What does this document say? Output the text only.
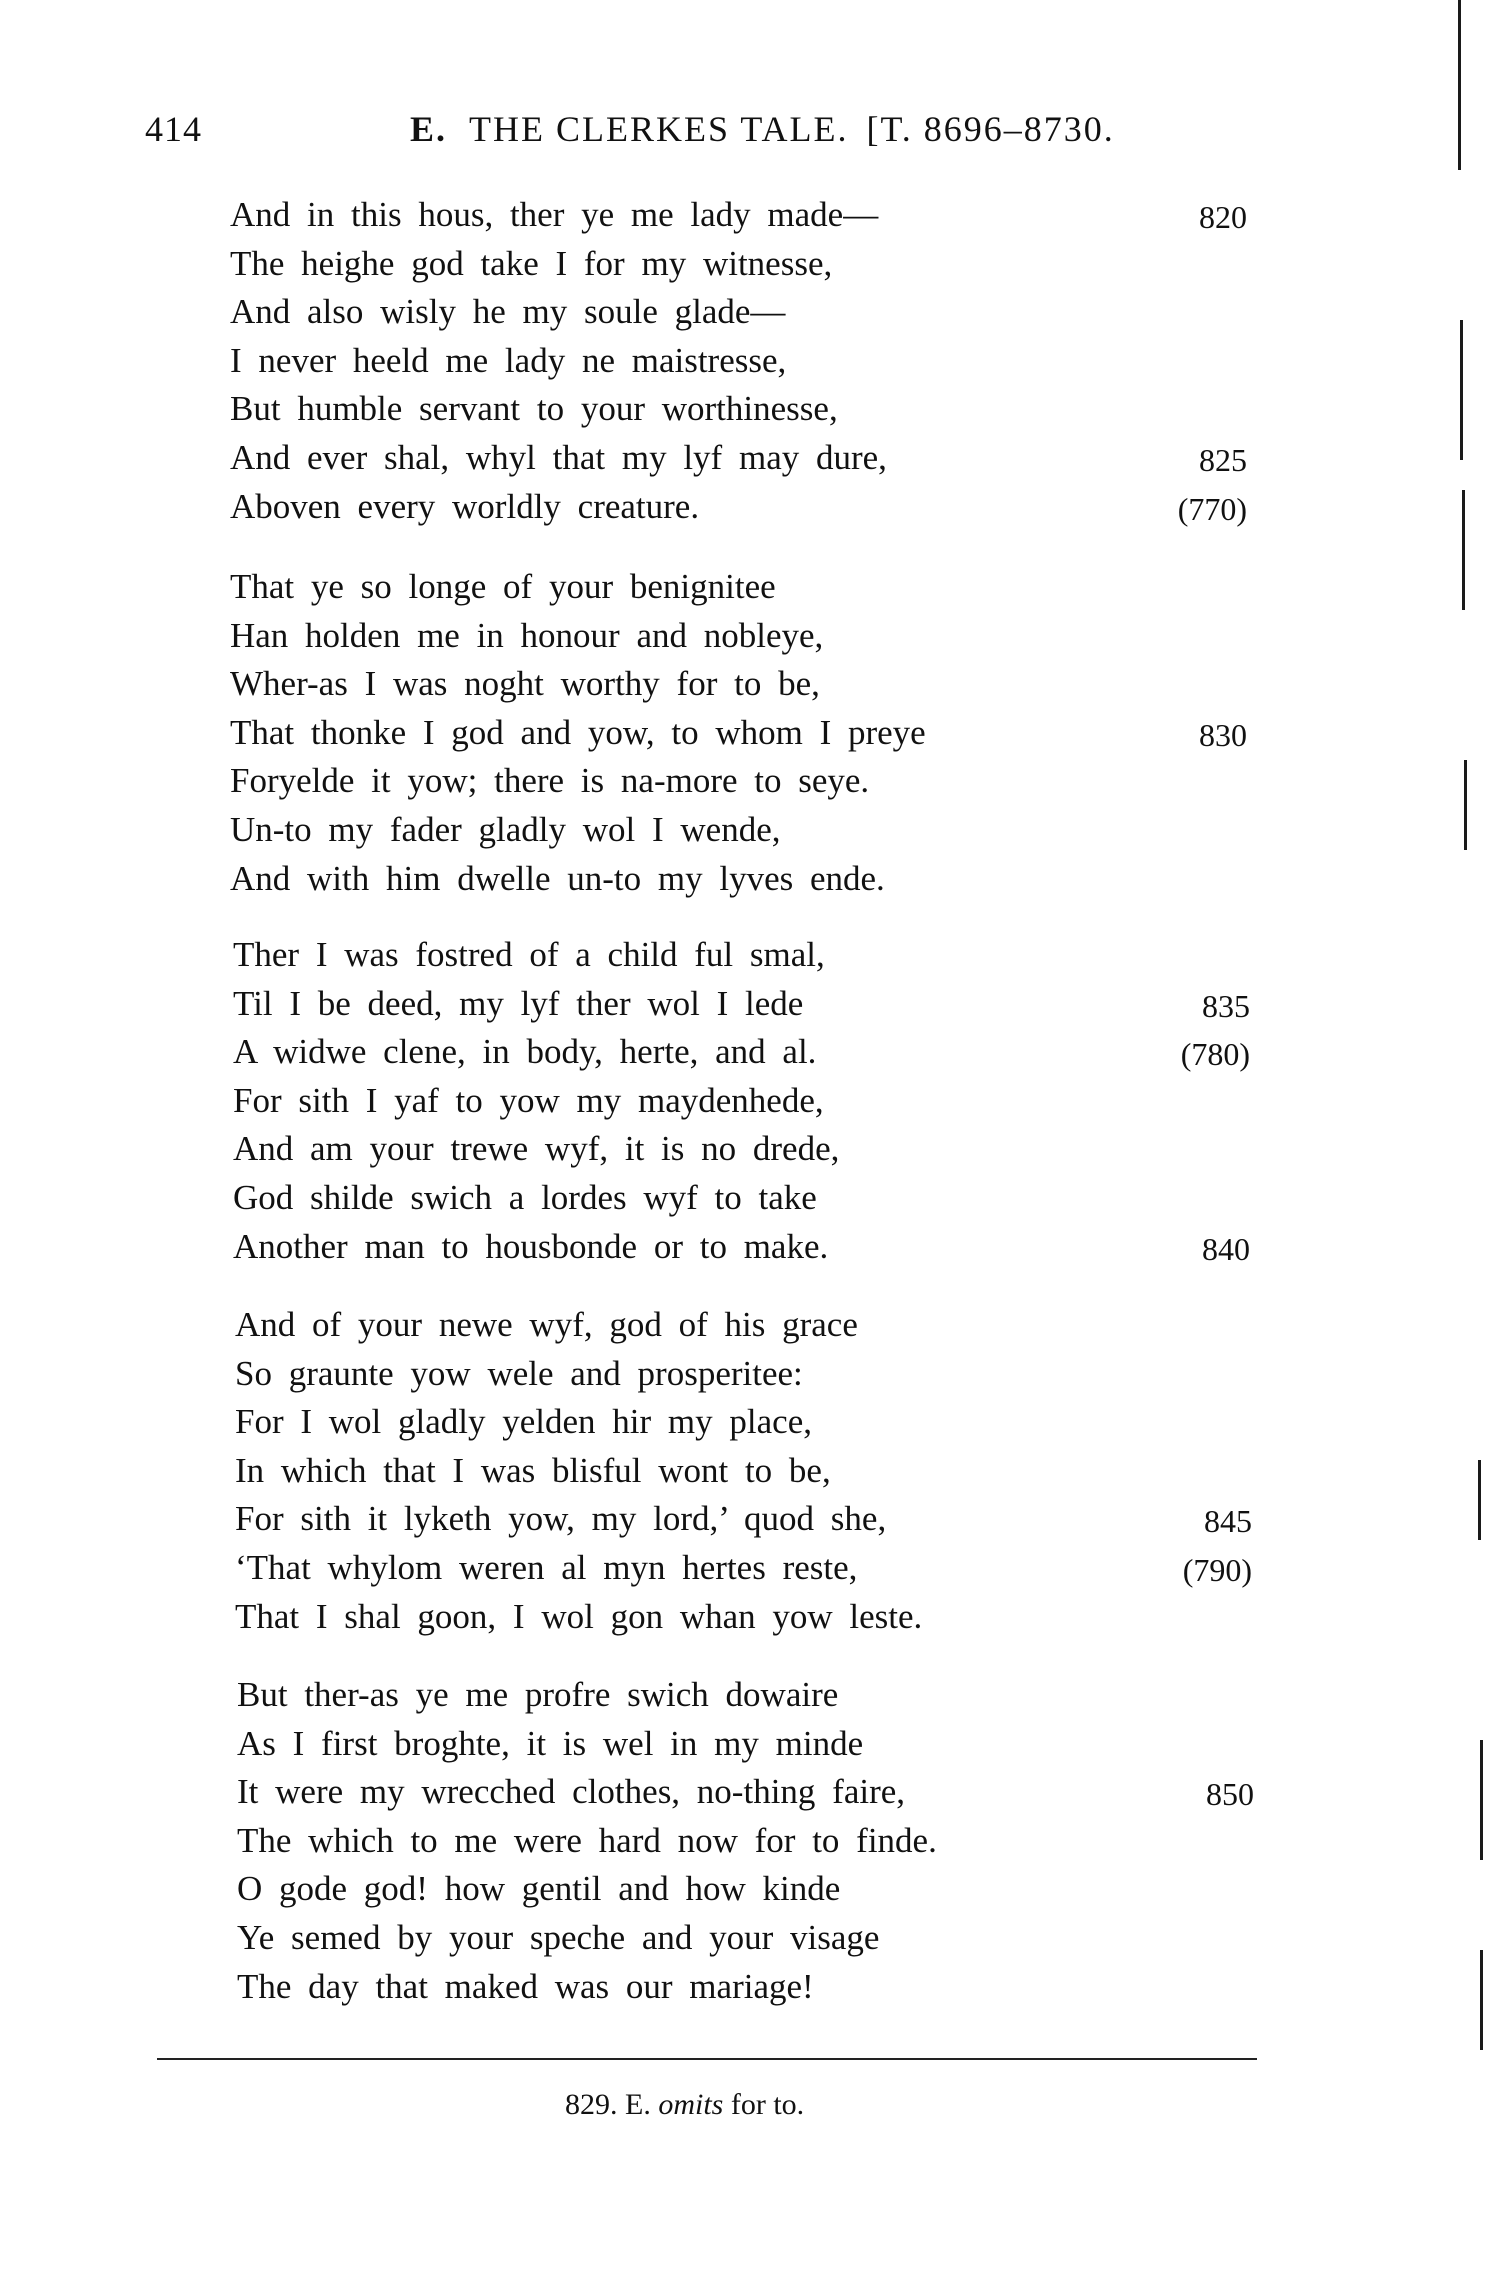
414	E. THE CLERKES TALE. [T. 8696–8730.
And in this hous, ther ye me lady made—	820
The heighe god take I for my witnesse,
And also wisly he my soule glade—
I never heeld me lady ne maistresse,
But humble servant to your worthinesse,
And ever shal, whyl that my lyf may dure,	825
Aboven every worldly creature.	(770)
That ye so longe of your benignitee
Han holden me in honour and nobleye,
Wher-as I was noght worthy for to be,
That thonke I god and yow, to whom I preye	830
Foryelde it yow; there is na-more to seye.
Un-to my fader gladly wol I wende,
And with him dwelle un-to my lyves ende.
Ther I was fostred of a child ful smal,
Til I be deed, my lyf ther wol I lede	835
A widwe clene, in body, herte, and al.	(780)
For sith I yaf to yow my maydenhede,
And am your trewe wyf, it is no drede,
God shilde swich a lordes wyf to take
Another man to housbonde or to make.	840
And of your newe wyf, god of his grace
So graunte yow wele and prosperitee:
For I wol gladly yelden hir my place,
In which that I was blisful wont to be,
For sith it lyketh yow, my lord,’ quod she,	845
‘That whylom weren al myn hertes reste,	(790)
That I shal goon, I wol gon whan yow leste.
But ther-as ye me profre swich dowaire
As I first broghte, it is wel in my minde
It were my wrecched clothes, no-thing faire,	850
The which to me were hard now for to finde.
O gode god! how gentil and how kinde
Ye semed by your speche and your visage
The day that maked was our mariage!
829. E. omits for to.
